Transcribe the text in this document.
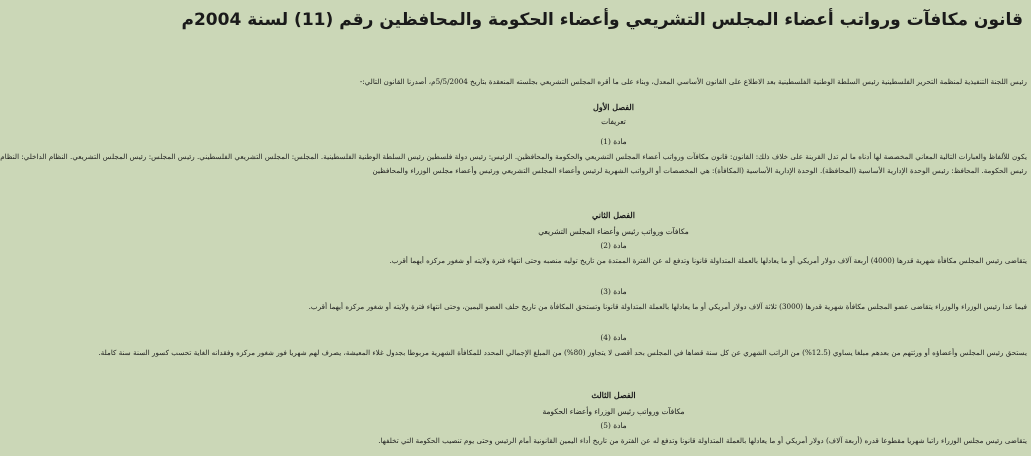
قانون مكافآت ورواتب أعضاء المجلس التشريعي وأعضاء الحكومة والمحافظين رقم (11) لسنة 2004م
رئيس اللجنة التنفيذية لمنظمة التحرير الفلسطينية رئيس السلطة الوطنية الفلسطينية بعد الاطلاع على القانون الأساسي المعدل، وبناء على ما أقره المجلس التشريعي بجلسته المنعقدة بتاريخ 5/5/2004م، أصدرنا القانون التالي:-
الفصل الأول
تعريفات
مادة (1)
يكون للألفاظ والعبارات التالية المعاني المخصصة لها أدناه ما لم تدل القرينة على خلاف ذلك: القانون: قانون مكافآت ورواتب أعضاء المجلس التشريعي والحكومة والمحافظين. الرئيس: رئيس دولة فلسطين رئيس السلطة الوطنية الفلسطينية. المجلس: المجلس التشريعي الفلسطيني. رئيس المجلس: رئيس المجلس التشريعي. النظام الداخلي: النظام
رئيس الحكومة. المحافظ: رئيس الوحدة الإدارية الأساسية (المحافظة). الوحدة الإدارية الأساسية (المكافأة): هي المخصصات أو الرواتب الشهرية لرئيس وأعضاء المجلس التشريعي ورئيس وأعضاء مجلس الوزراء والمحافظين
الفصل الثاني
مكافآت ورواتب رئيس وأعضاء المجلس التشريعي
مادة (2)
يتقاضى رئيس المجلس مكافأة شهرية قدرها (4000) أربعة آلاف دولار أمريكي أو ما يعادلها بالعملة المتداولة قانونا وتدفع له عن الفترة الممتدة من تاريخ توليه منصبه وحتى انتهاء فترة ولايته أو شغور مركزه أيهما أقرب.
مادة (3)
فيما عدا رئيس الوزراء والوزراء يتقاضى عضو المجلس مكافأة شهرية قدرها (3000) ثلاثة آلاف دولار أمريكي أو ما يعادلها بالعملة المتداولة قانونا وتستحق المكافأة من تاريخ حلف العضو اليمين، وحتى انتهاء فترة ولايته أو شغور مركزه أيهما أقرب.
مادة (4)
يستحق رئيس المجلس وأعضاؤه أو ورثتهم من بعدهم مبلغا يساوي (12.5%) من الراتب الشهري عن كل سنة قضاها في المجلس بحد أقصى لا يتجاوز (80%) من المبلغ الإجمالي المحدد للمكافأة الشهرية مربوطا بجدول غلاء المعيشة، يصرف لهم شهريا فور شغور مركزه وفقدانه الغاية تحسب كسور السنة سنة كاملة.
الفصل الثالث
مكافآت ورواتب رئيس الوزراء وأعضاء الحكومة
مادة (5)
يتقاضى رئيس مجلس الوزراء راتبا شهريا مقطوعا قدره (أربعة آلاف) دولار أمريكي أو ما يعادلها بالعملة المتداولة قانونا وتدفع له عن الفترة من تاريخ أداء اليمين القانونية أمام الرئيس وحتى يوم تنصيب الحكومة التي تخلفها.
